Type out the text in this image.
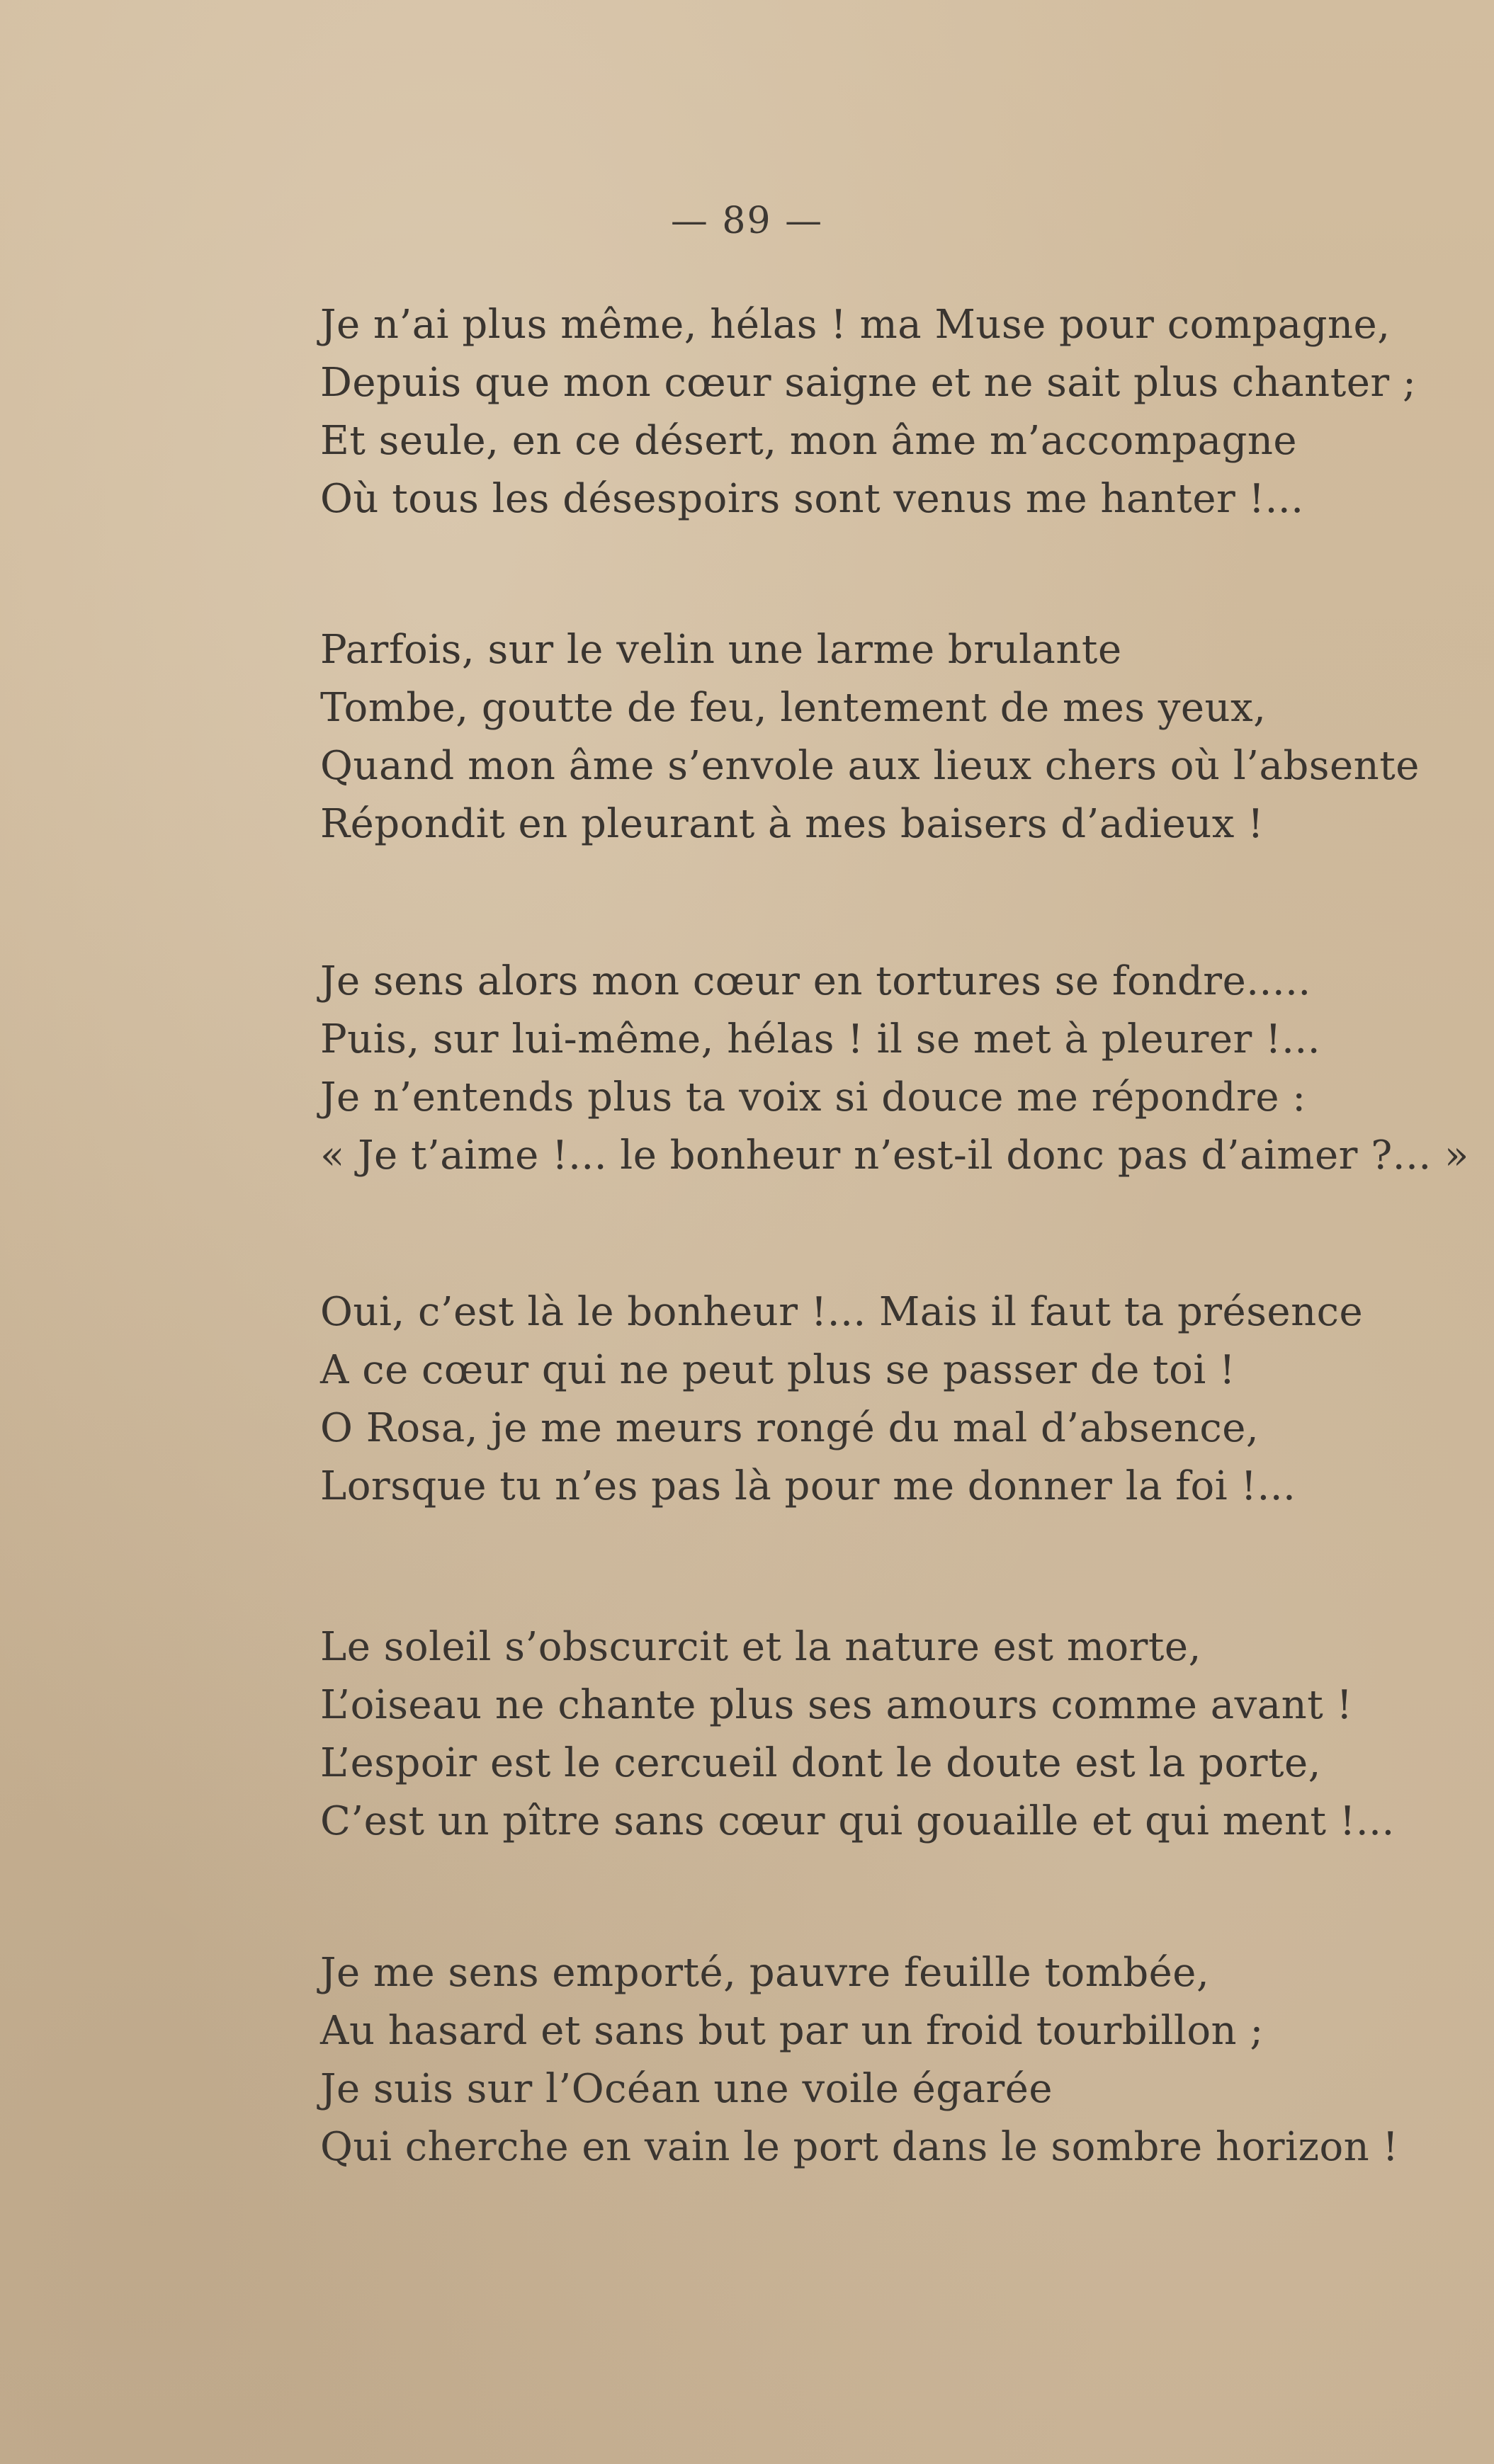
— 89 —
Je n’ai plus même, hélas ! ma Muse pour compagne,
Depuis que mon cœur saigne et ne sait plus chanter ;
Et seule, en ce désert, mon âme m’accompagne
Où tous les désespoirs sont venus me hanter !...
Parfois, sur le velin une larme brulante
Tombe, goutte de feu, lentement de mes yeux,
Quand mon âme s’envole aux lieux chers où l’absente
Répondit en pleurant à mes baisers d’adieux !
Je sens alors mon cœur en tortures se fondre.....
Puis, sur lui-même, hélas ! il se met à pleurer !...
Je n’entends plus ta voix si douce me répondre :
« Je t’aime !... le bonheur n’est-il donc pas d’aimer ?... »
Oui, c’est là le bonheur !... Mais il faut ta présence
A ce cœur qui ne peut plus se passer de toi !
O Rosa, je me meurs rongé du mal d’absence,
Lorsque tu n’es pas là pour me donner la foi !...
Le soleil s’obscurcit et la nature est morte,
L’oiseau ne chante plus ses amours comme avant !
L’espoir est le cercueil dont le doute est la porte,
C’est un pître sans cœur qui gouaille et qui ment !...
Je me sens emporté, pauvre feuille tombée,
Au hasard et sans but par un froid tourbillon ;
Je suis sur l’Océan une voile égarée
Qui cherche en vain le port dans le sombre horizon !
